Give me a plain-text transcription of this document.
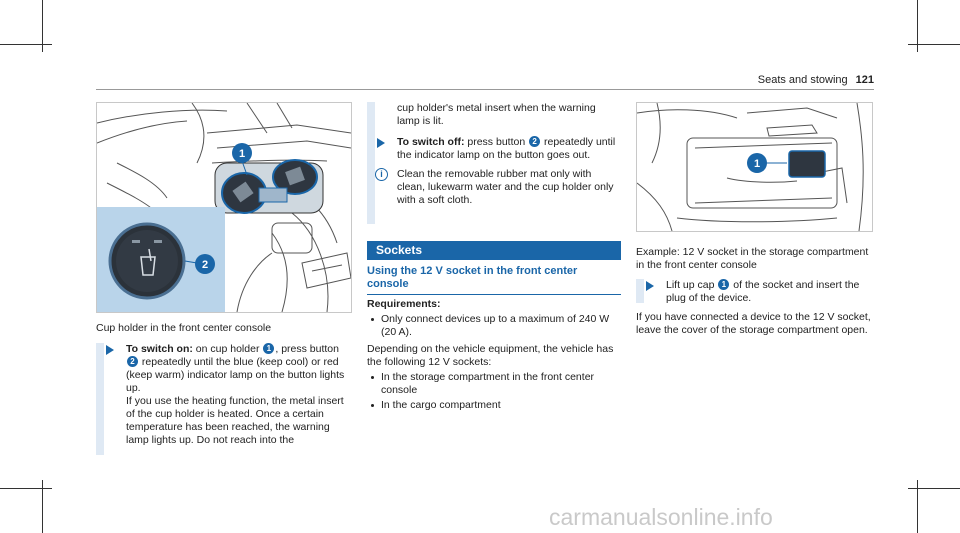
Seats and stowing 121
1
2
Cup holder in the front center console
To switch on: on cup holder 1 , press button 2 repeatedly until the blue (keep cool) or red (keep warm) indicator lamp on the button lights up.
If you use the heating function, the metal insert of the cup holder is heated. Once a certain temperature has been reached, the warning lamp lights up. Do not reach into the
cup holder's metal insert when the warning lamp is lit.
To switch off: press button 2 repeatedly until the indicator lamp on the button goes out.
i	Clean the removable rubber mat only with clean, lukewarm water and the cup holder only with a soft cloth.
Sockets
Using the 12 V socket in the front center console
Requirements:
Only connect devices up to a maximum of 240 W (20 A).
Depending on the vehicle equipment, the vehicle has the following 12 V sockets:
In the storage compartment in the front center console
In the cargo compartment
1
Example: 12 V socket in the storage compartment in the front center console
Lift up cap 1 of the socket and insert the plug of the device.
If you have connected a device to the 12 V socket, leave the cover of the storage compartment open.
carmanualsonline.info
